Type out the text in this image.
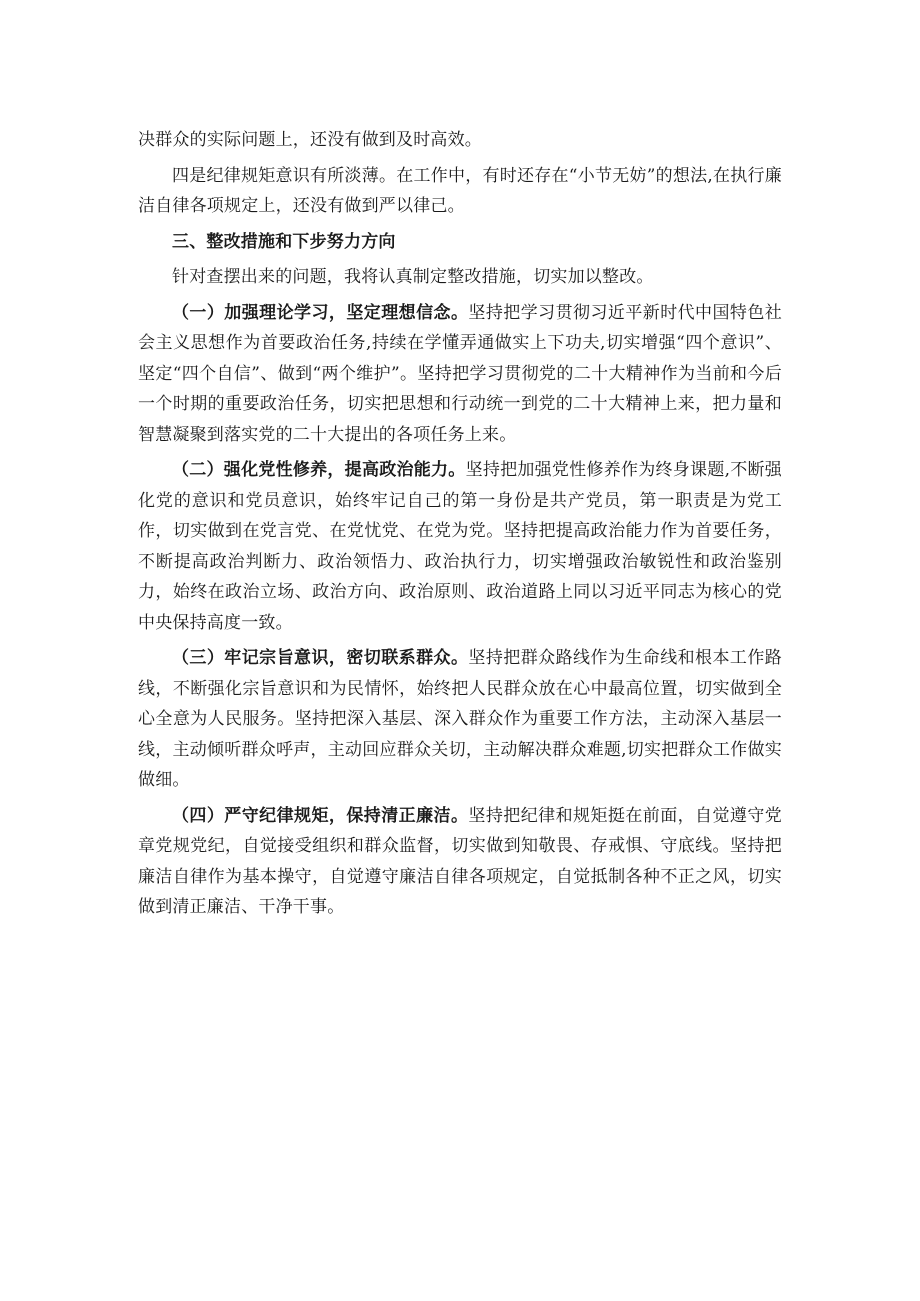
决群众的实际问题上，还没有做到及时高效。

四是纪律规矩意识有所淡薄。在工作中，有时还存在“小节无妨”的想法,在执行廉洁自律各项规定上，还没有做到严以律己。

三、整改措施和下步努力方向

针对查摆出来的问题，我将认真制定整改措施，切实加以整改。

（一）加强理论学习，坚定理想信念。坚持把学习贯彻习近平新时代中国特色社会主义思想作为首要政治任务,持续在学懂弄通做实上下功夫,切实增强“四个意识”、坚定“四个自信”、做到“两个维护”。坚持把学习贯彻党的二十大精神作为当前和今后一个时期的重要政治任务，切实把思想和行动统一到党的二十大精神上来，把力量和智慧凝聚到落实党的二十大提出的各项任务上来。

（二）强化党性修养，提高政治能力。坚持把加强党性修养作为终身课题,不断强化党的意识和党员意识，始终牢记自己的第一身份是共产党员，第一职责是为党工作，切实做到在党言党、在党忧党、在党为党。坚持把提高政治能力作为首要任务，不断提高政治判断力、政治领悟力、政治执行力，切实增强政治敏锐性和政治鉴别力，始终在政治立场、政治方向、政治原则、政治道路上同以习近平同志为核心的党中央保持高度一致。

（三）牢记宗旨意识，密切联系群众。坚持把群众路线作为生命线和根本工作路线，不断强化宗旨意识和为民情怀，始终把人民群众放在心中最高位置，切实做到全心全意为人民服务。坚持把深入基层、深入群众作为重要工作方法，主动深入基层一线，主动倾听群众呼声，主动回应群众关切，主动解决群众难题,切实把群众工作做实做细。

（四）严守纪律规矩，保持清正廉洁。坚持把纪律和规矩挺在前面，自觉遵守党章党规党纪，自觉接受组织和群众监督，切实做到知敬畏、存戒惧、守底线。坚持把廉洁自律作为基本操守，自觉遵守廉洁自律各项规定，自觉抵制各种不正之风，切实做到清正廉洁、干净干事。
